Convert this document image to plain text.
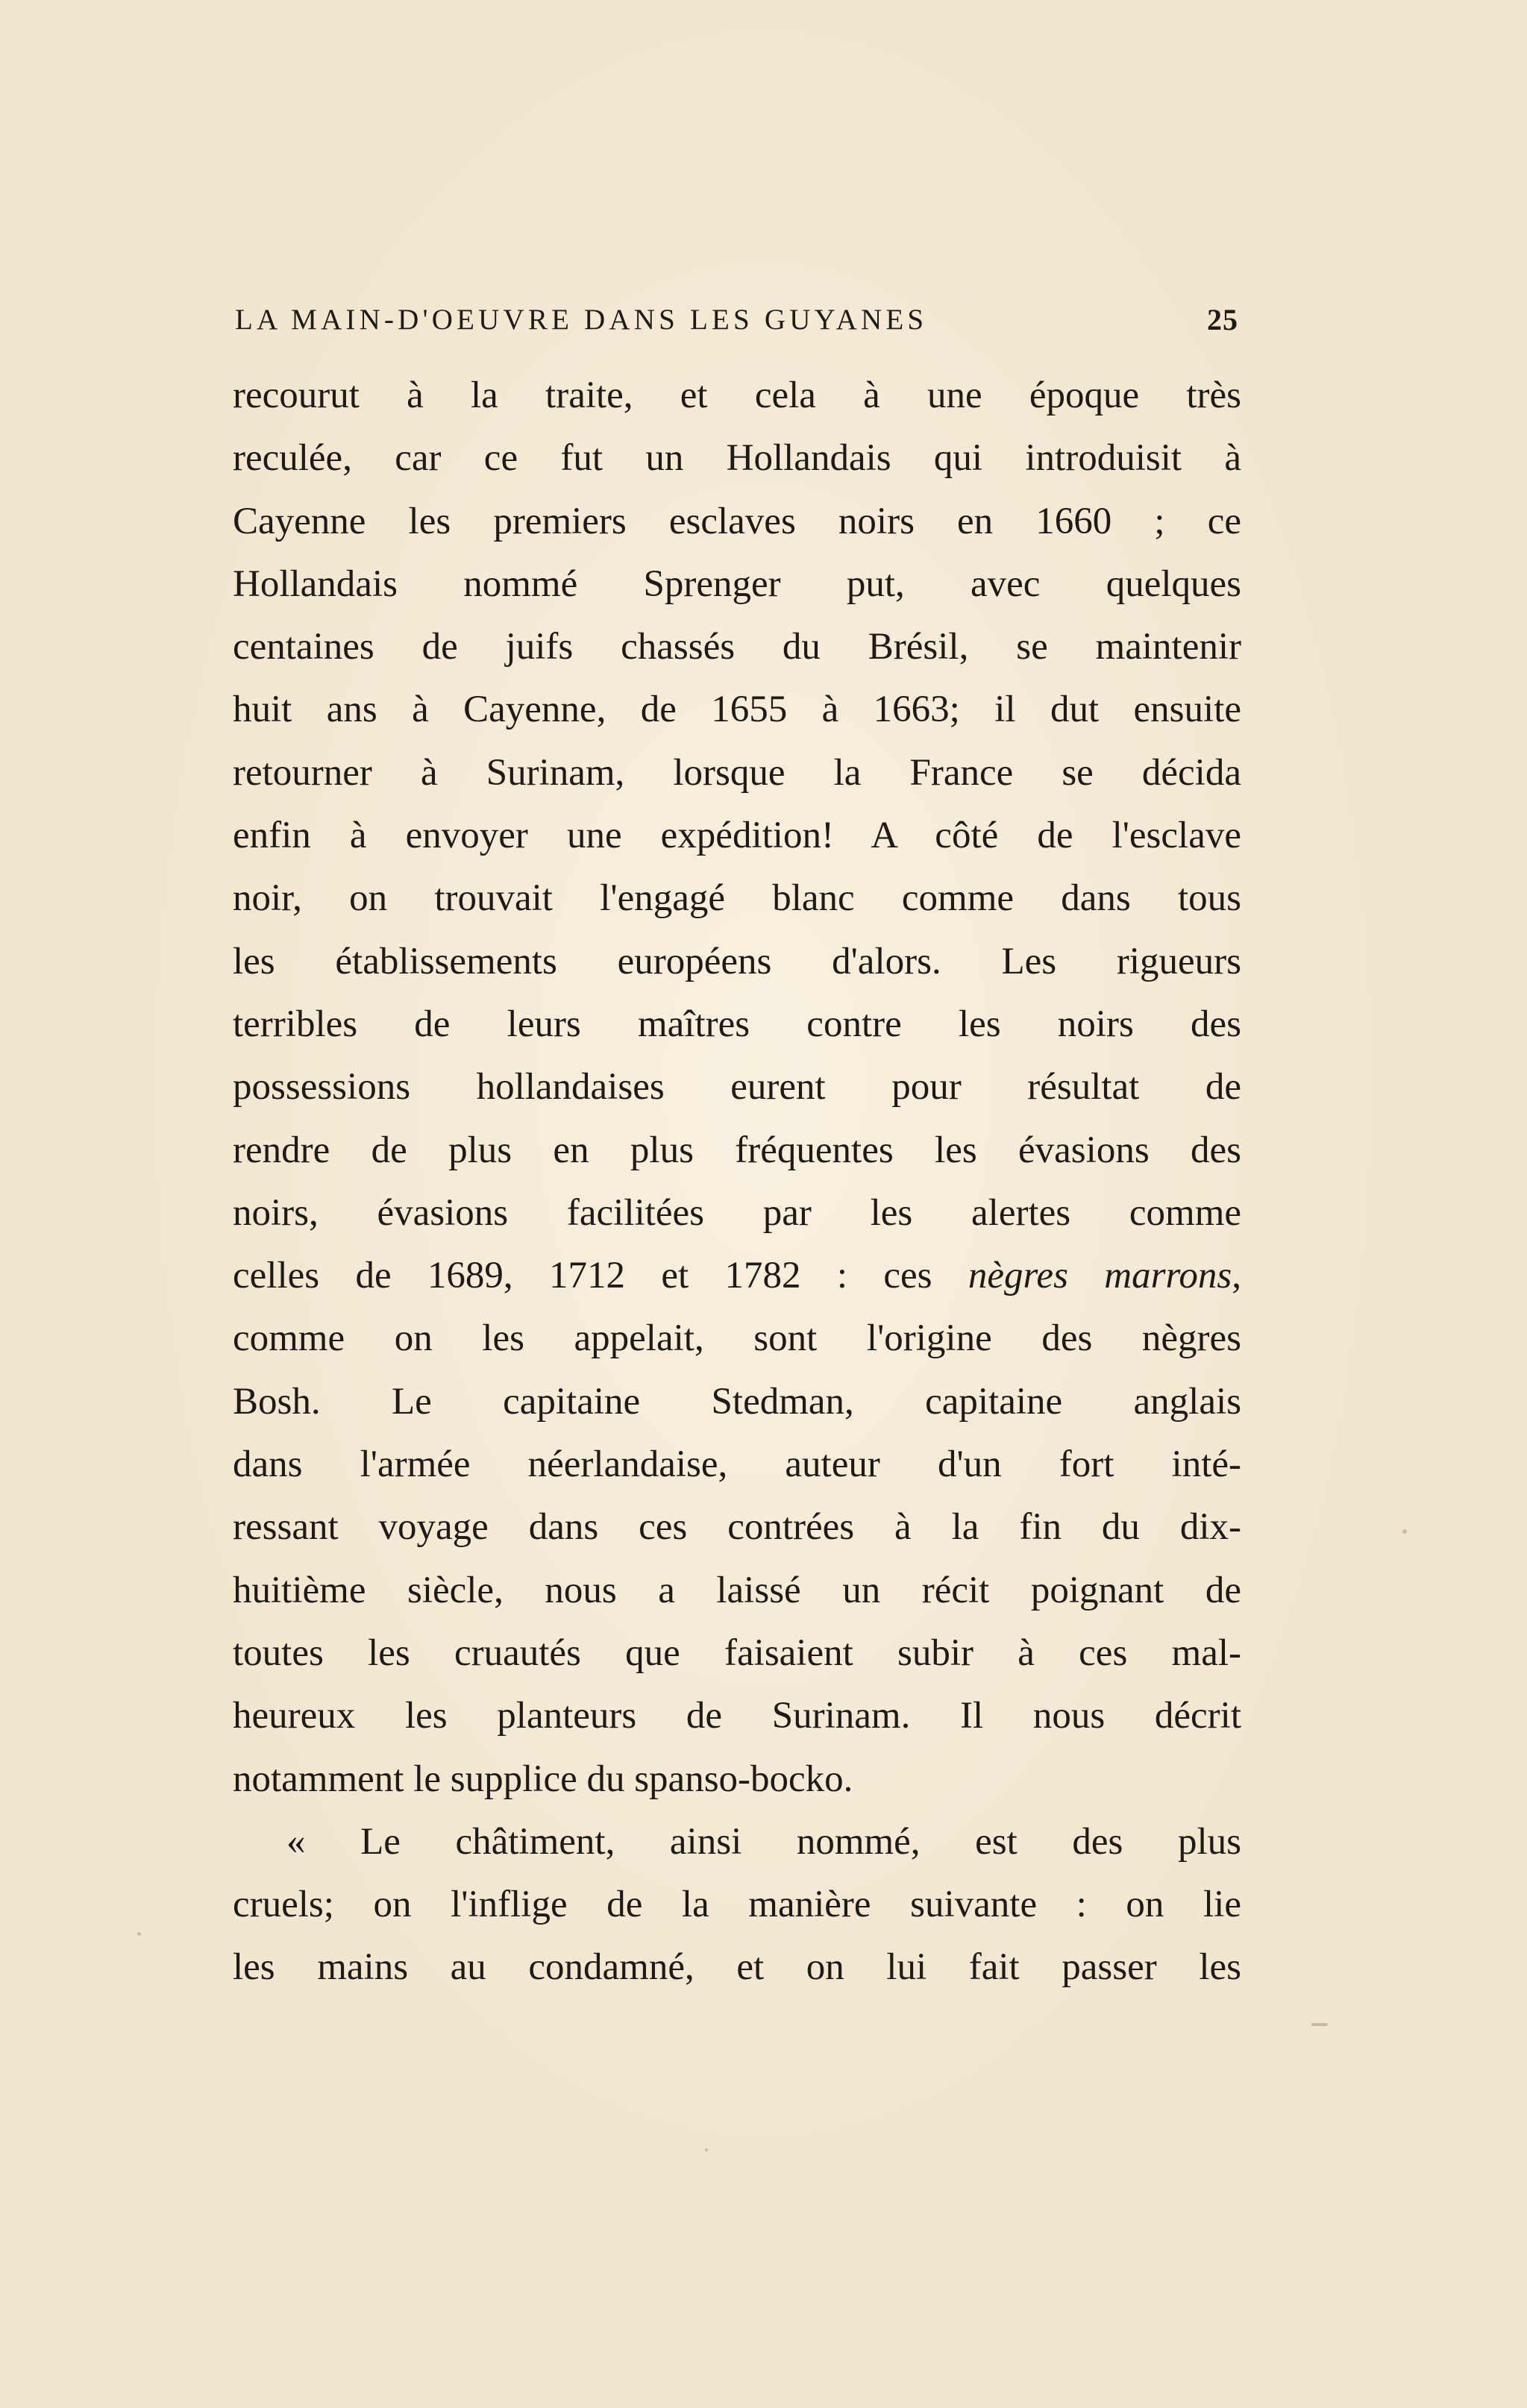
LA MAIN-D'OEUVRE DANS LES GUYANES	25
recourut à la traite, et cela à une époque très
reculée, car ce fut un Hollandais qui introduisit à
Cayenne les premiers esclaves noirs en 1660 ; ce
Hollandais nommé Sprenger put, avec quelques
centaines de juifs chassés du Brésil, se maintenir
huit ans à Cayenne, de 1655 à 1663; il dut ensuite
retourner à Surinam, lorsque la France se décida
enfin à envoyer une expédition! A côté de l'esclave
noir, on trouvait l'engagé blanc comme dans tous
les établissements européens d'alors. Les rigueurs
terribles de leurs maîtres contre les noirs des
possessions hollandaises eurent pour résultat de
rendre de plus en plus fréquentes les évasions des
noirs, évasions facilitées par les alertes comme
celles de 1689, 1712 et 1782 : ces nègres marrons,
comme on les appelait, sont l'origine des nègres
Bosh. Le capitaine Stedman, capitaine anglais
dans l'armée néerlandaise, auteur d'un fort inté-
ressant voyage dans ces contrées à la fin du dix-
huitième siècle, nous a laissé un récit poignant de
toutes les cruautés que faisaient subir à ces mal-
heureux les planteurs de Surinam. Il nous décrit
notamment le supplice du spanso-bocko.
« Le châtiment, ainsi nommé, est des plus
cruels; on l'inflige de la manière suivante : on lie
les mains au condamné, et on lui fait passer les
